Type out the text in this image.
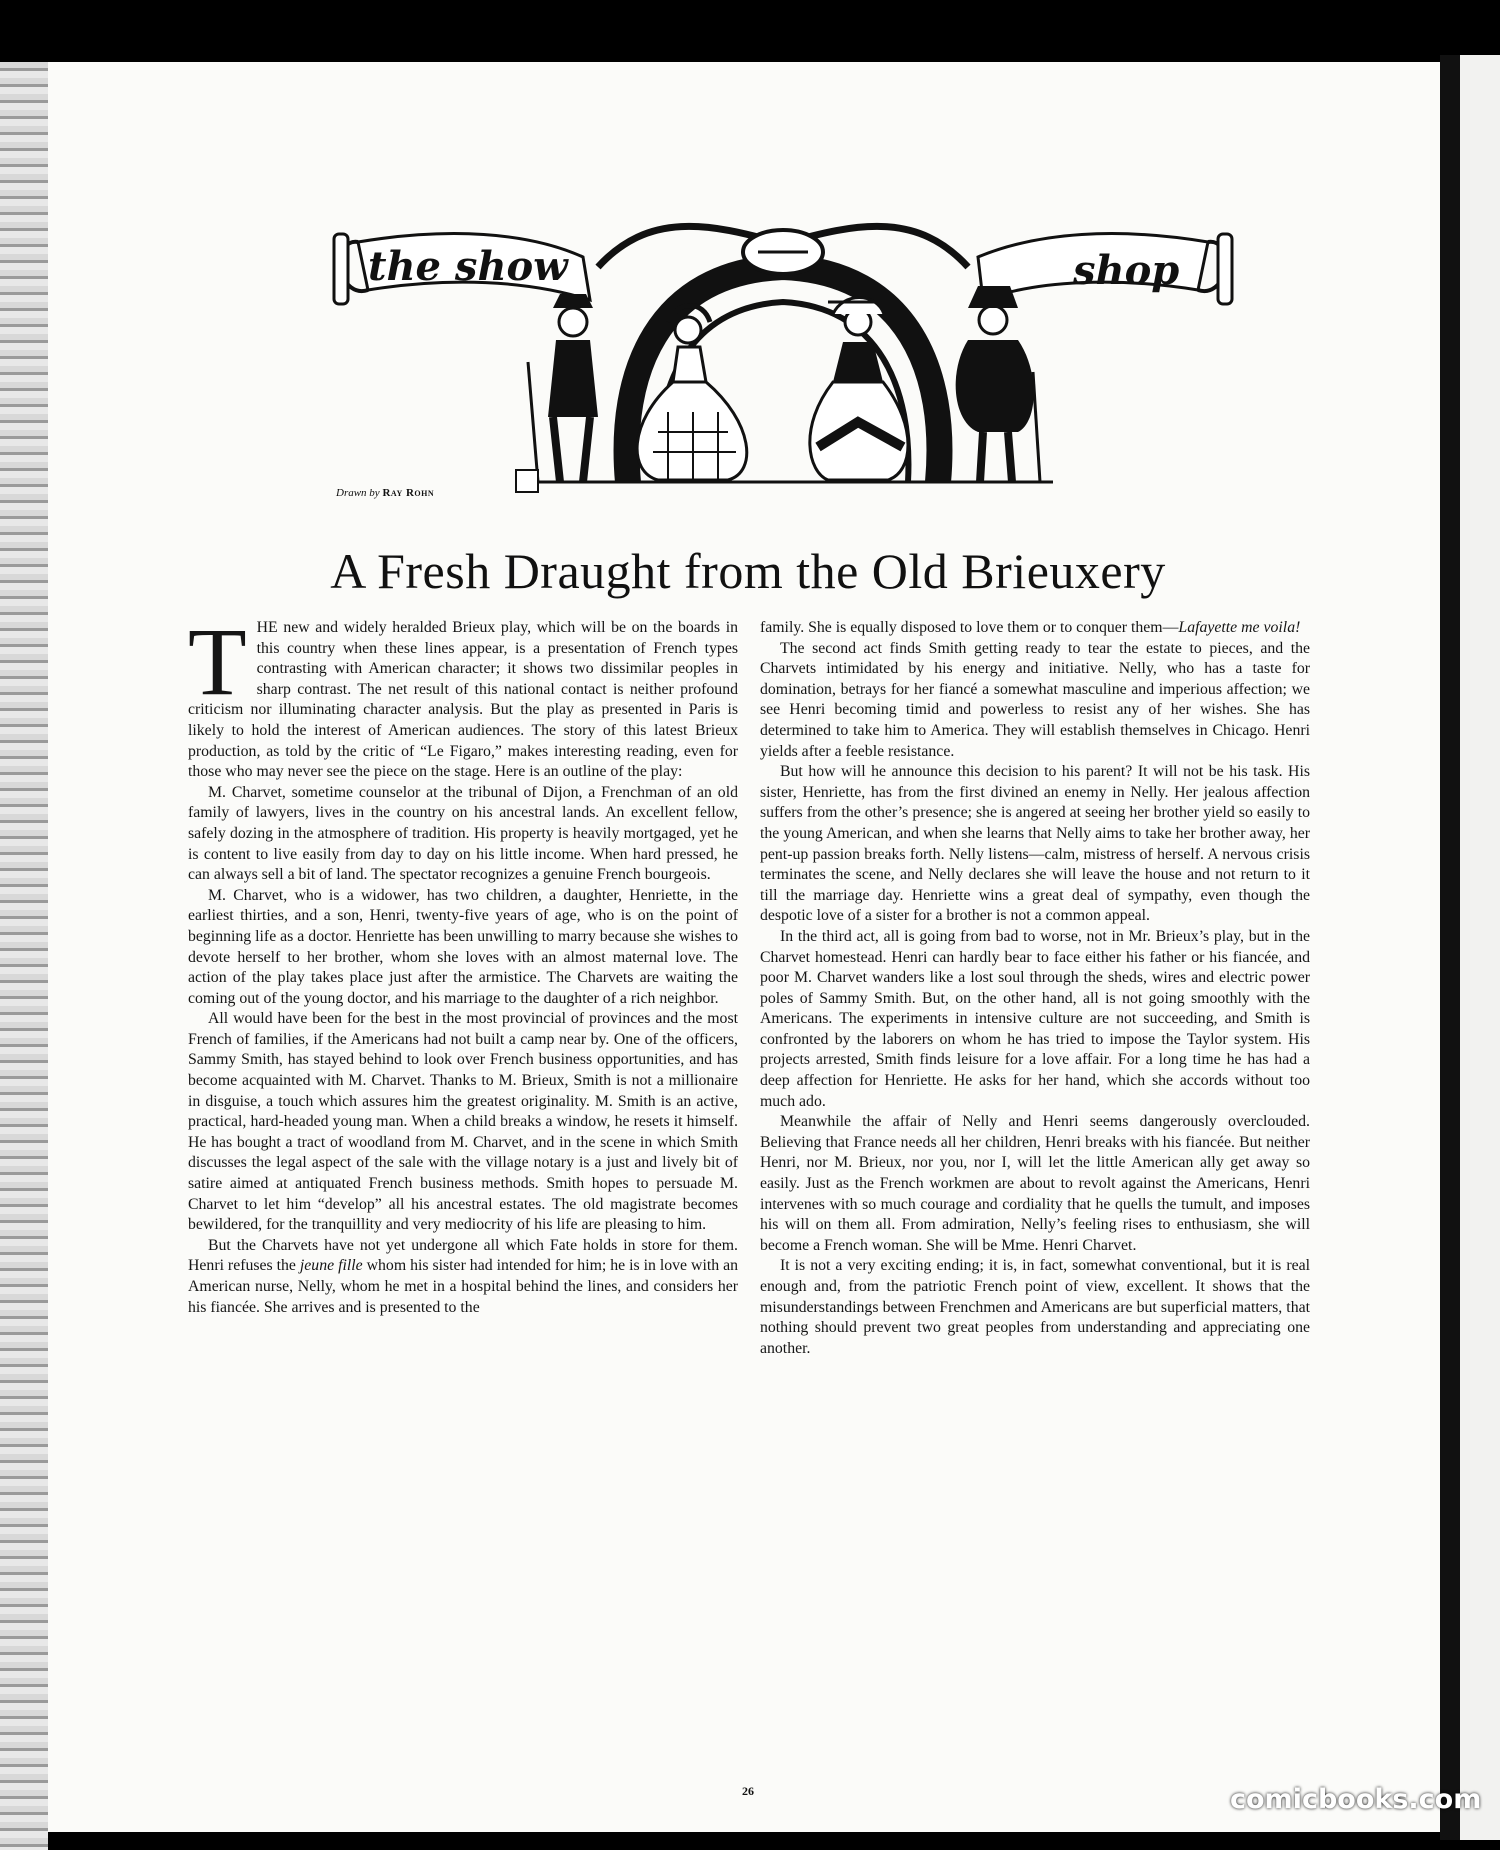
the show	shop
Drawn by Ray Rohn
A Fresh Draught from the Old Brieuxery

THE new and widely heralded Brieux play, which will be on the boards in this country when these lines appear, is a presentation of French types contrasting with American character; it shows two dissimilar peoples in sharp contrast. The net result of this national contact is neither profound criticism nor illuminating character analysis. But the play as presented in Paris is likely to hold the interest of American audiences. The story of this latest Brieux production, as told by the critic of “Le Figaro,” makes interesting reading, even for those who may never see the piece on the stage. Here is an outline of the play:

M. Charvet, sometime counselor at the tribunal of Dijon, a Frenchman of an old family of lawyers, lives in the country on his ancestral lands. An excellent fellow, safely dozing in the atmosphere of tradition. His property is heavily mortgaged, yet he is content to live easily from day to day on his little income. When hard pressed, he can always sell a bit of land. The spectator recognizes a genuine French bourgeois.

M. Charvet, who is a widower, has two children, a daughter, Henriette, in the earliest thirties, and a son, Henri, twenty-five years of age, who is on the point of beginning life as a doctor. Henriette has been unwilling to marry because she wishes to devote herself to her brother, whom she loves with an almost maternal love. The action of the play takes place just after the armistice. The Charvets are waiting the coming out of the young doctor, and his marriage to the daughter of a rich neighbor.

All would have been for the best in the most provincial of provinces and the most French of families, if the Americans had not built a camp near by. One of the officers, Sammy Smith, has stayed behind to look over French business opportunities, and has become acquainted with M. Charvet. Thanks to M. Brieux, Smith is not a millionaire in disguise, a touch which assures him the greatest originality. M. Smith is an active, practical, hard-headed young man. When a child breaks a window, he resets it himself. He has bought a tract of woodland from M. Charvet, and in the scene in which Smith discusses the legal aspect of the sale with the village notary is a just and lively bit of satire aimed at antiquated French business methods. Smith hopes to persuade M. Charvet to let him “develop” all his ancestral estates. The old magistrate becomes bewildered, for the tranquillity and very mediocrity of his life are pleasing to him.

But the Charvets have not yet undergone all which Fate holds in store for them. Henri refuses the jeune fille whom his sister had intended for him; he is in love with an American nurse, Nelly, whom he met in a hospital behind the lines, and considers her his fiancée. She arrives and is presented to the

family. She is equally disposed to love them or to conquer them—Lafayette me voila!

The second act finds Smith getting ready to tear the estate to pieces, and the Charvets intimidated by his energy and initiative. Nelly, who has a taste for domination, betrays for her fiancé a somewhat masculine and imperious affection; we see Henri becoming timid and powerless to resist any of her wishes. She has determined to take him to America. They will establish themselves in Chicago. Henri yields after a feeble resistance.

But how will he announce this decision to his parent? It will not be his task. His sister, Henriette, has from the first divined an enemy in Nelly. Her jealous affection suffers from the other’s presence; she is angered at seeing her brother yield so easily to the young American, and when she learns that Nelly aims to take her brother away, her pent-up passion breaks forth. Nelly listens—calm, mistress of herself. A nervous crisis terminates the scene, and Nelly declares she will leave the house and not return to it till the marriage day. Henriette wins a great deal of sympathy, even though the despotic love of a sister for a brother is not a common appeal.

In the third act, all is going from bad to worse, not in Mr. Brieux’s play, but in the Charvet homestead. Henri can hardly bear to face either his father or his fiancée, and poor M. Charvet wanders like a lost soul through the sheds, wires and electric power poles of Sammy Smith. But, on the other hand, all is not going smoothly with the Americans. The experiments in intensive culture are not succeeding, and Smith is confronted by the laborers on whom he has tried to impose the Taylor system. His projects arrested, Smith finds leisure for a love affair. For a long time he has had a deep affection for Henriette. He asks for her hand, which she accords without too much ado.

Meanwhile the affair of Nelly and Henri seems dangerously overclouded. Believing that France needs all her children, Henri breaks with his fiancée. But neither Henri, nor M. Brieux, nor you, nor I, will let the little American ally get away so easily. Just as the French workmen are about to revolt against the Americans, Henri intervenes with so much courage and cordiality that he quells the tumult, and imposes his will on them all. From admiration, Nelly’s feeling rises to enthusiasm, she will become a French woman. She will be Mme. Henri Charvet.

It is not a very exciting ending; it is, in fact, somewhat conventional, but it is real enough and, from the patriotic French point of view, excellent. It shows that the misunderstandings between Frenchmen and Americans are but superficial matters, that nothing should prevent two great peoples from understanding and appreciating one another.

26	comicbooks.com
